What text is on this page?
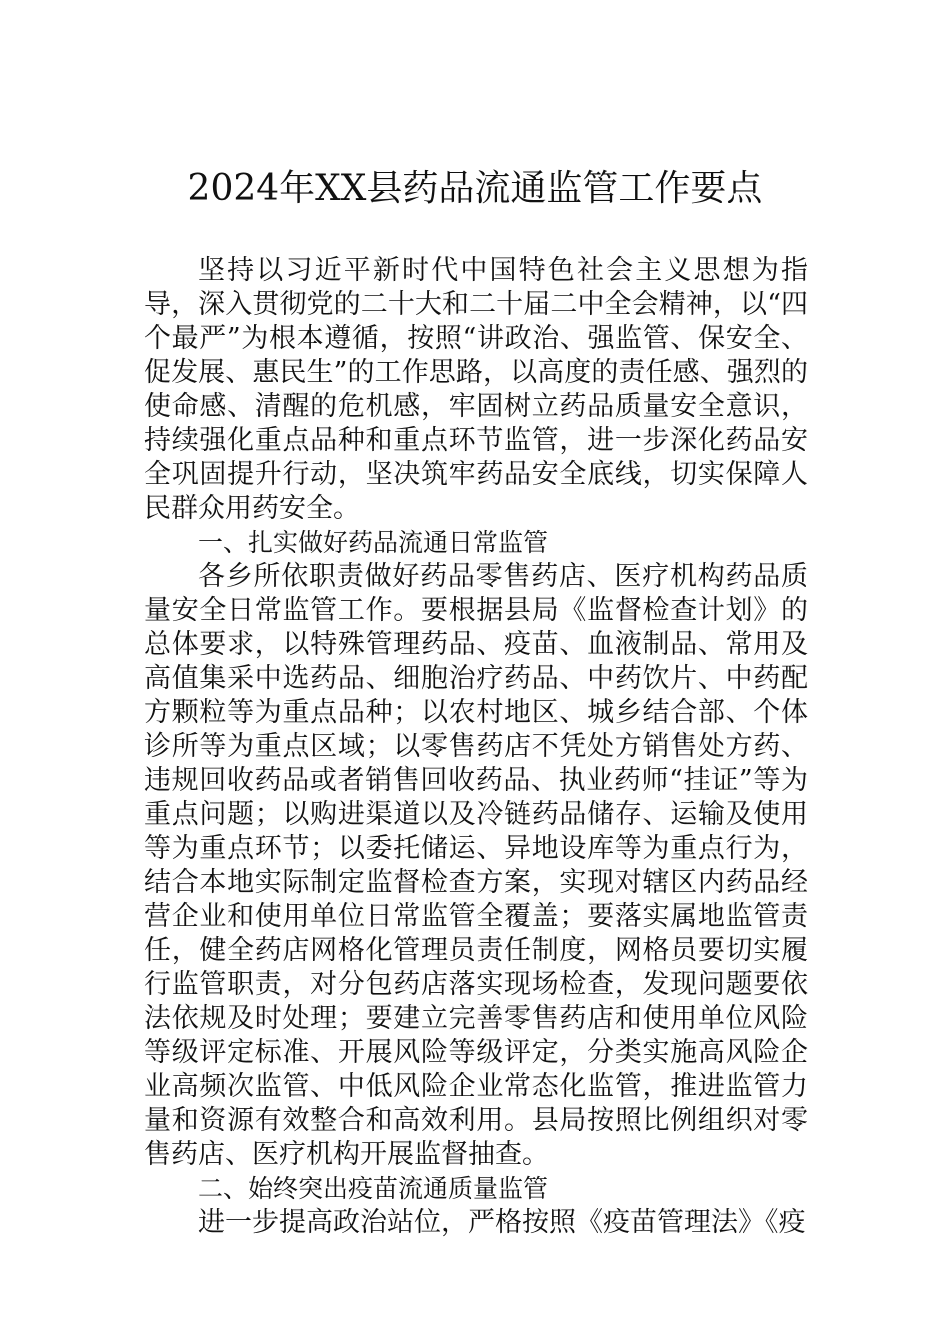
2024年XX县药品流通监管工作要点

坚持以习近平新时代中国特色社会主义思想为指导，深入贯彻党的二十大和二十届二中全会精神，以“四个最严”为根本遵循，按照“讲政治、强监管、保安全、促发展、惠民生”的工作思路，以高度的责任感、强烈的使命感、清醒的危机感，牢固树立药品质量安全意识，持续强化重点品种和重点环节监管，进一步深化药品安全巩固提升行动，坚决筑牢药品安全底线，切实保障人民群众用药安全。

一、扎实做好药品流通日常监管

各乡所依职责做好药品零售药店、医疗机构药品质量安全日常监管工作。要根据县局《监督检查计划》的总体要求，以特殊管理药品、疫苗、血液制品、常用及高值集采中选药品、细胞治疗药品、中药饮片、中药配方颗粒等为重点品种；以农村地区、城乡结合部、个体诊所等为重点区域；以零售药店不凭处方销售处方药、违规回收药品或者销售回收药品、执业药师“挂证”等为重点问题；以购进渠道以及冷链药品储存、运输及使用等为重点环节；以委托储运、异地设库等为重点行为，结合本地实际制定监督检查方案，实现对辖区内药品经营企业和使用单位日常监管全覆盖；要落实属地监管责任，健全药店网格化管理员责任制度，网格员要切实履行监管职责，对分包药店落实现场检查，发现问题要依法依规及时处理；要建立完善零售药店和使用单位风险等级评定标准、开展风险等级评定，分类实施高风险企业高频次监管、中低风险企业常态化监管，推进监管力量和资源有效整合和高效利用。县局按照比例组织对零售药店、医疗机构开展监督抽查。

二、始终突出疫苗流通质量监管

进一步提高政治站位，严格按照《疫苗管理法》《疫
